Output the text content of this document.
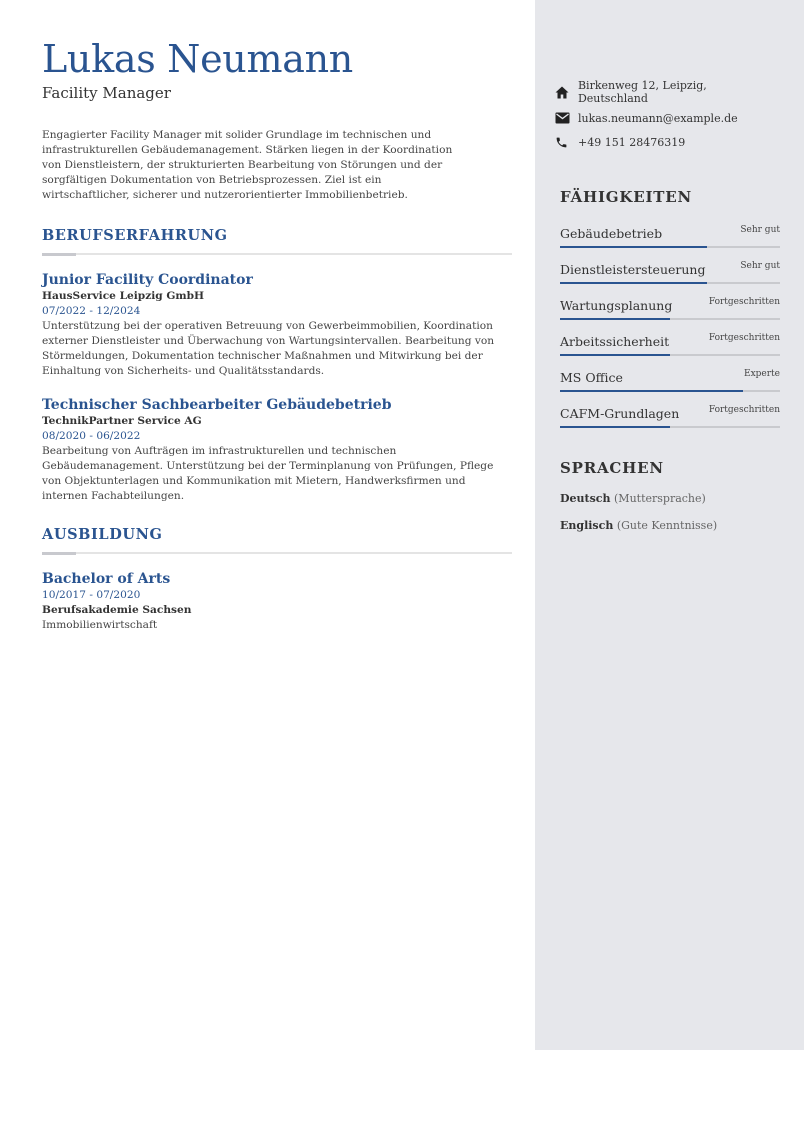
Lukas Neumann
Facility Manager
Engagierter Facility Manager mit solider Grundlage im technischen und infrastrukturellen Gebäudemanagement. Stärken liegen in der Koordination von Dienstleistern, der strukturierten Bearbeitung von Störungen und der sorgfältigen Dokumentation von Betriebsprozessen. Ziel ist ein wirtschaftlicher, sicherer und nutzerorientierter Immobilienbetrieb.
BERUFSERFAHRUNG
Junior Facility Coordinator
HausService Leipzig GmbH
07/2022 - 12/2024
Unterstützung bei der operativen Betreuung von Gewerbeimmobilien, Koordination externer Dienstleister und Überwachung von Wartungsintervallen. Bearbeitung von Störmeldungen, Dokumentation technischer Maßnahmen und Mitwirkung bei der Einhaltung von Sicherheits- und Qualitätsstandards.
Technischer Sachbearbeiter Gebäudebetrieb
TechnikPartner Service AG
08/2020 - 06/2022
Bearbeitung von Aufträgen im infrastrukturellen und technischen Gebäudemanagement. Unterstützung bei der Terminplanung von Prüfungen, Pflege von Objektunterlagen und Kommunikation mit Mietern, Handwerksfirmen und internen Fachabteilungen.
AUSBILDUNG
Bachelor of Arts
10/2017 - 07/2020
Berufsakademie Sachsen
Immobilienwirtschaft
Birkenweg 12, Leipzig, Deutschland
lukas.neumann@example.de
+49 151 28476319
FÄHIGKEITEN
Gebäudebetrieb	Sehr gut
Dienstleistersteuerung	Sehr gut
Wartungsplanung	Fortgeschritten
Arbeitssicherheit	Fortgeschritten
MS Office	Experte
CAFM-Grundlagen	Fortgeschritten
SPRACHEN
Deutsch (Muttersprache)
Englisch (Gute Kenntnisse)
